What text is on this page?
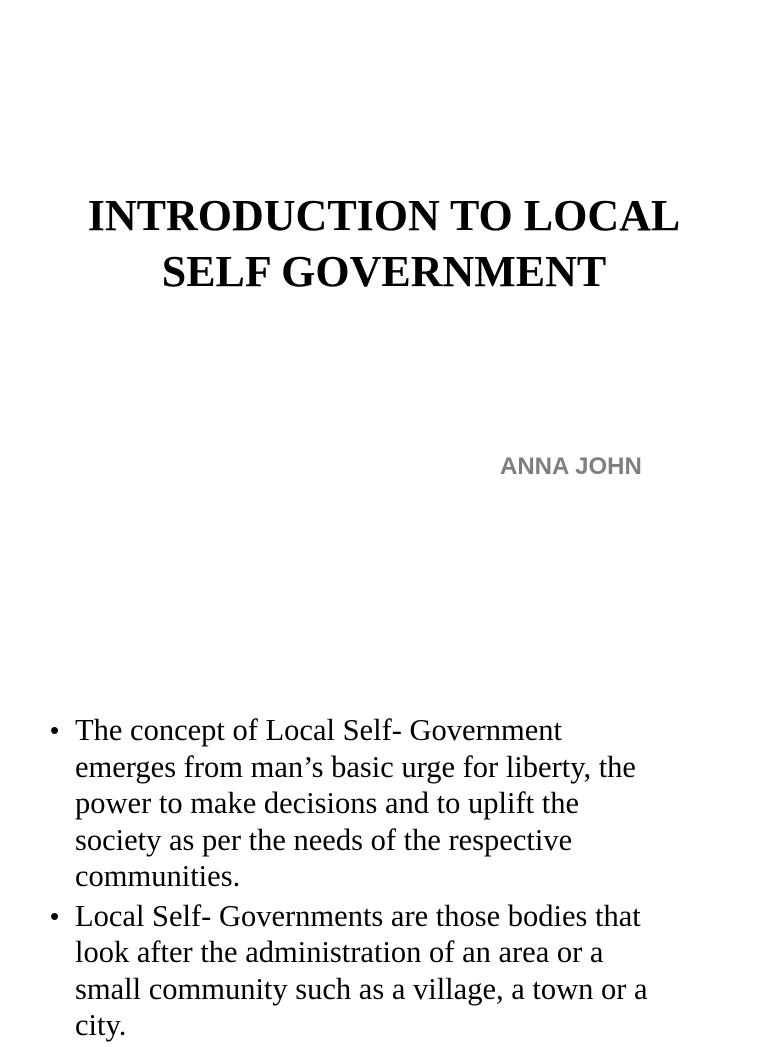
INTRODUCTION TO LOCAL
SELF GOVERNMENT
ANNA JOHN
• The concept of Local Self- Government
emerges from man’s basic urge for liberty, the
power to make decisions and to uplift the
society as per the needs of the respective
communities.
• Local Self- Governments are those bodies that
look after the administration of an area or a
small community such as a village, a town or a
city.
